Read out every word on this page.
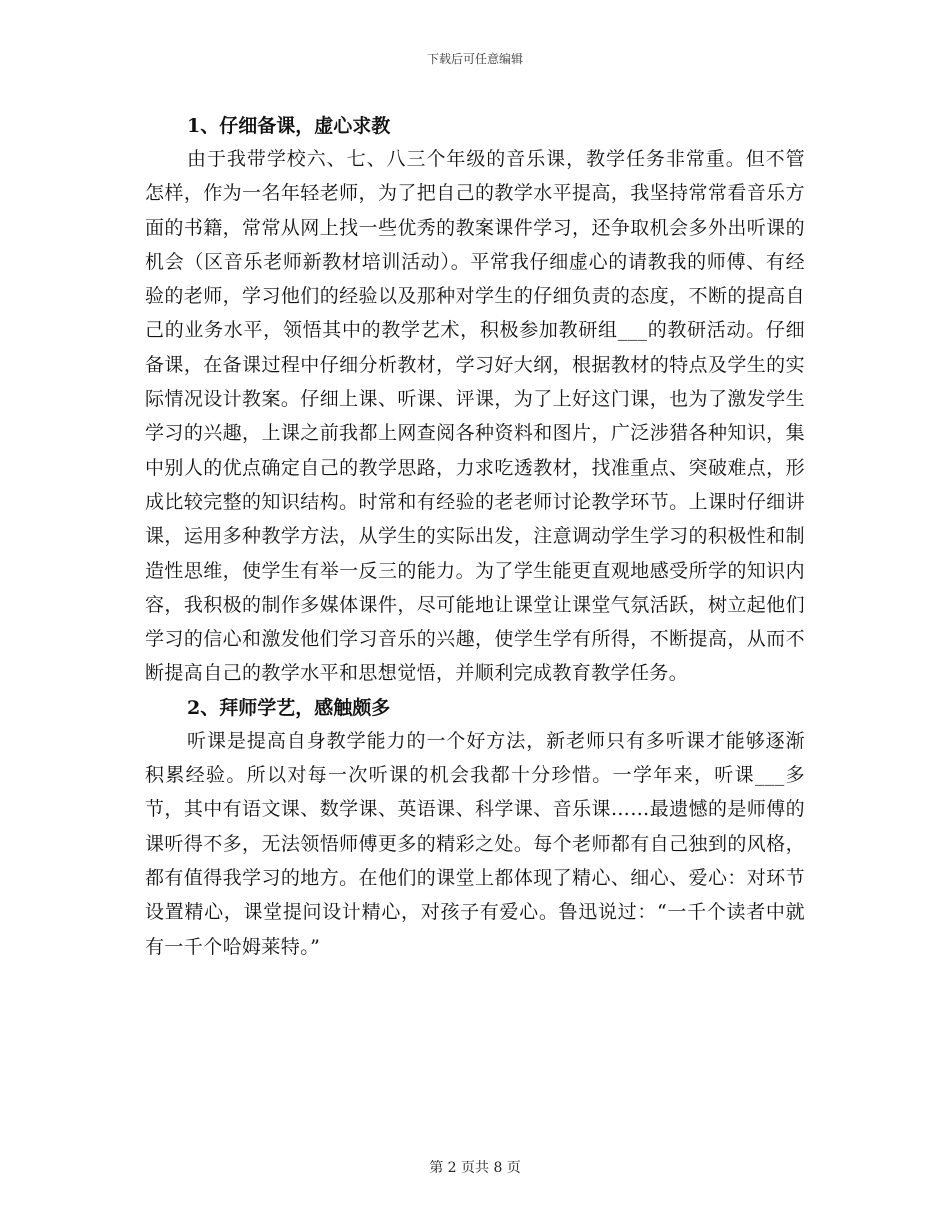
下载后可任意编辑
1、仔细备课，虚心求教

由于我带学校六、七、八三个年级的音乐课，教学任务非常重。但不管怎样，作为一名年轻老师，为了把自己的教学水平提高，我坚持常常看音乐方面的书籍，常常从网上找一些优秀的教案课件学习，还争取机会多外出听课的机会（区音乐老师新教材培训活动）。平常我仔细虚心的请教我的师傅、有经验的老师，学习他们的经验以及那种对学生的仔细负责的态度，不断的提高自己的业务水平，领悟其中的教学艺术，积极参加教研组___的教研活动。仔细备课，在备课过程中仔细分析教材，学习好大纲，根据教材的特点及学生的实际情况设计教案。仔细上课、听课、评课，为了上好这门课，也为了激发学生学习的兴趣，上课之前我都上网查阅各种资料和图片，广泛涉猎各种知识，集中别人的优点确定自己的教学思路，力求吃透教材，找准重点、突破难点，形成比较完整的知识结构。时常和有经验的老老师讨论教学环节。上课时仔细讲课，运用多种教学方法，从学生的实际出发，注意调动学生学习的积极性和制造性思维，使学生有举一反三的能力。为了学生能更直观地感受所学的知识内容，我积极的制作多媒体课件，尽可能地让课堂让课堂气氛活跃，树立起他们学习的信心和激发他们学习音乐的兴趣，使学生学有所得，不断提高，从而不断提高自己的教学水平和思想觉悟，并顺利完成教育教学任务。

2、拜师学艺，感触颇多

听课是提高自身教学能力的一个好方法，新老师只有多听课才能够逐渐积累经验。所以对每一次听课的机会我都十分珍惜。一学年来，听课___多节，其中有语文课、数学课、英语课、科学课、音乐课……最遗憾的是师傅的课听得不多，无法领悟师傅更多的精彩之处。每个老师都有自己独到的风格，都有值得我学习的地方。在他们的课堂上都体现了精心、细心、爱心：对环节设置精心，课堂提问设计精心，对孩子有爱心。鲁迅说过：“一千个读者中就有一千个哈姆莱特。”

第 2 页共 8 页
